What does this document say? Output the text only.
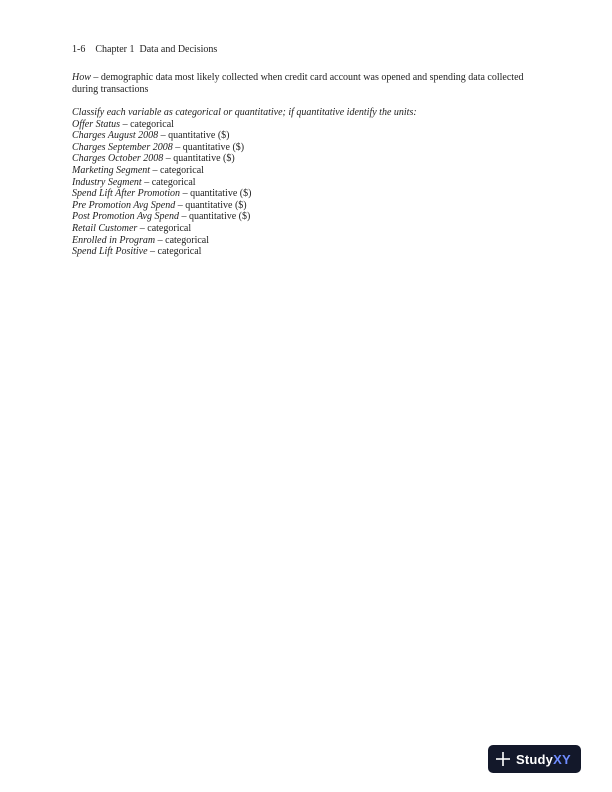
1-6 Chapter 1 Data and Decisions
How – demographic data most likely collected when credit card account was opened and spending data collected
during transactions
Classify each variable as categorical or quantitative; if quantitative identify the units:
Offer Status – categorical
Charges August 2008 – quantitative ($)
Charges September 2008 – quantitative ($)
Charges October 2008 – quantitative ($)
Marketing Segment – categorical
Industry Segment – categorical
Spend Lift After Promotion – quantitative ($)
Pre Promotion Avg Spend – quantitative ($)
Post Promotion Avg Spend – quantitative ($)
Retail Customer – categorical
Enrolled in Program – categorical
Spend Lift Positive – categorical
StudyXY
